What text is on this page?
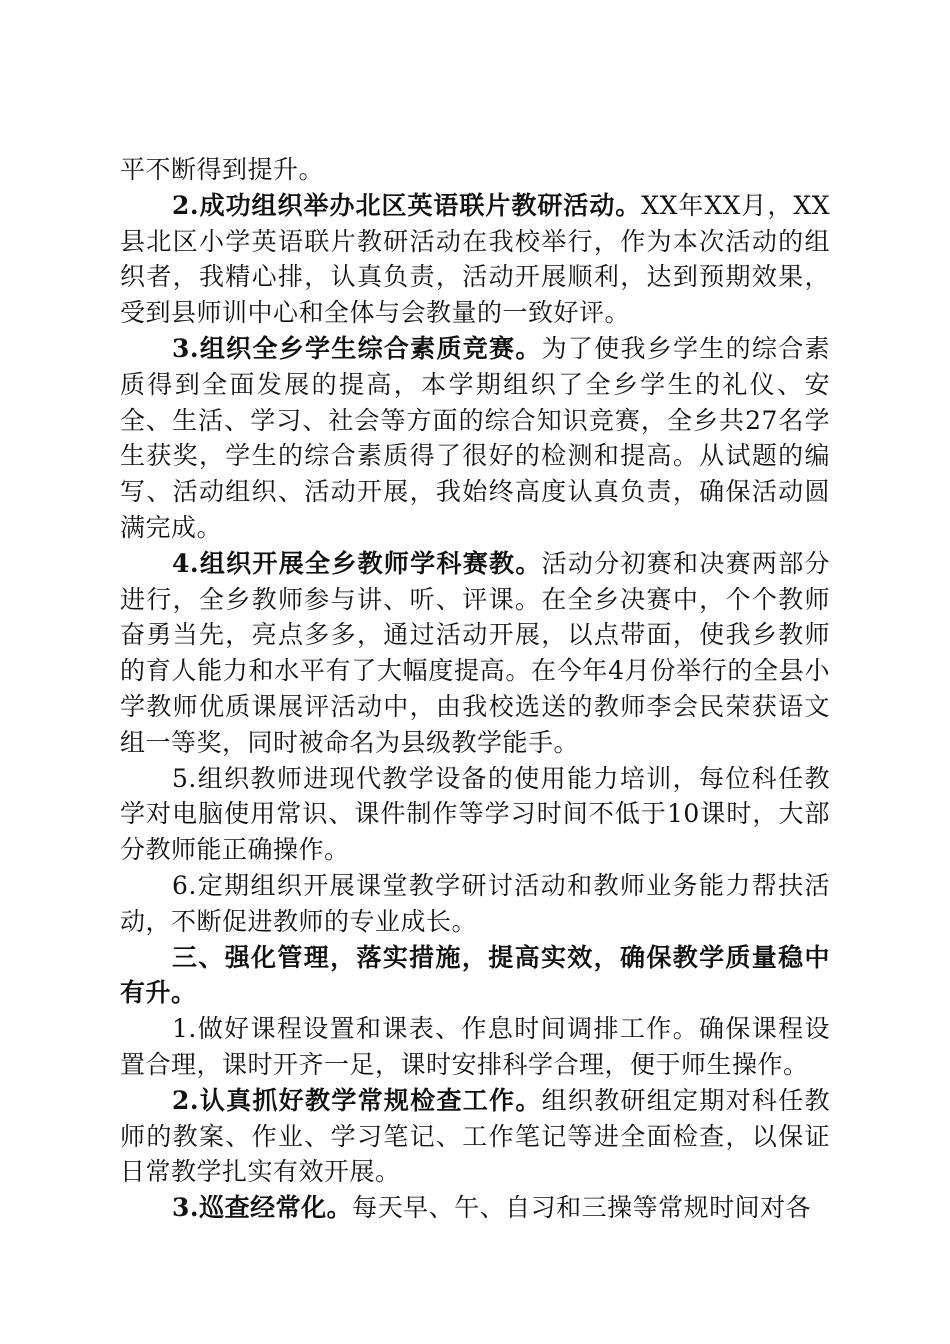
平不断得到提升。

2.成功组织举办北区英语联片教研活动。XX年XX月，XX县北区小学英语联片教研活动在我校举行，作为本次活动的组织者，我精心排，认真负责，活动开展顺利，达到预期效果，受到县师训中心和全体与会教量的一致好评。

3.组织全乡学生综合素质竞赛。为了使我乡学生的综合素质得到全面发展的提高，本学期组织了全乡学生的礼仪、安全、生活、学习、社会等方面的综合知识竞赛，全乡共27名学生获奖，学生的综合素质得了很好的检测和提高。从试题的编写、活动组织、活动开展，我始终高度认真负责，确保活动圆满完成。

4.组织开展全乡教师学科赛教。活动分初赛和决赛两部分进行，全乡教师参与讲、听、评课。在全乡决赛中，个个教师奋勇当先，亮点多多，通过活动开展，以点带面，使我乡教师的育人能力和水平有了大幅度提高。在今年4月份举行的全县小学教师优质课展评活动中，由我校选送的教师李会民荣获语文组一等奖，同时被命名为县级教学能手。

5.组织教师进现代教学设备的使用能力培训，每位科任教学对电脑使用常识、课件制作等学习时间不低于10课时，大部分教师能正确操作。

6.定期组织开展课堂教学研讨活动和教师业务能力帮扶活动，不断促进教师的专业成长。

三、强化管理，落实措施，提高实效，确保教学质量稳中有升。

1.做好课程设置和课表、作息时间调排工作。确保课程设置合理，课时开齐一足，课时安排科学合理，便于师生操作。

2.认真抓好教学常规检查工作。组织教研组定期对科任教师的教案、作业、学习笔记、工作笔记等进全面检查，以保证日常教学扎实有效开展。

3.巡查经常化。每天早、午、自习和三操等常规时间对各
